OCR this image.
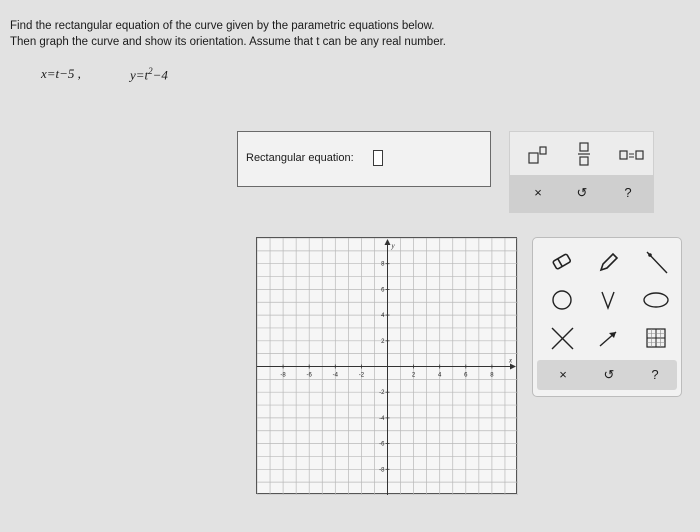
Find the rectangular equation of the curve given by the parametric equations below.
Then graph the curve and show its orientation. Assume that t can be any real number.
x=t−5 ,	$y=t^2-4$
Rectangular equation:
×	↺	?
x
y
-8	-6	-4	-2	2	4	6	8
8
6
4
2
-2
-4
-6
-8
×	↺	?
